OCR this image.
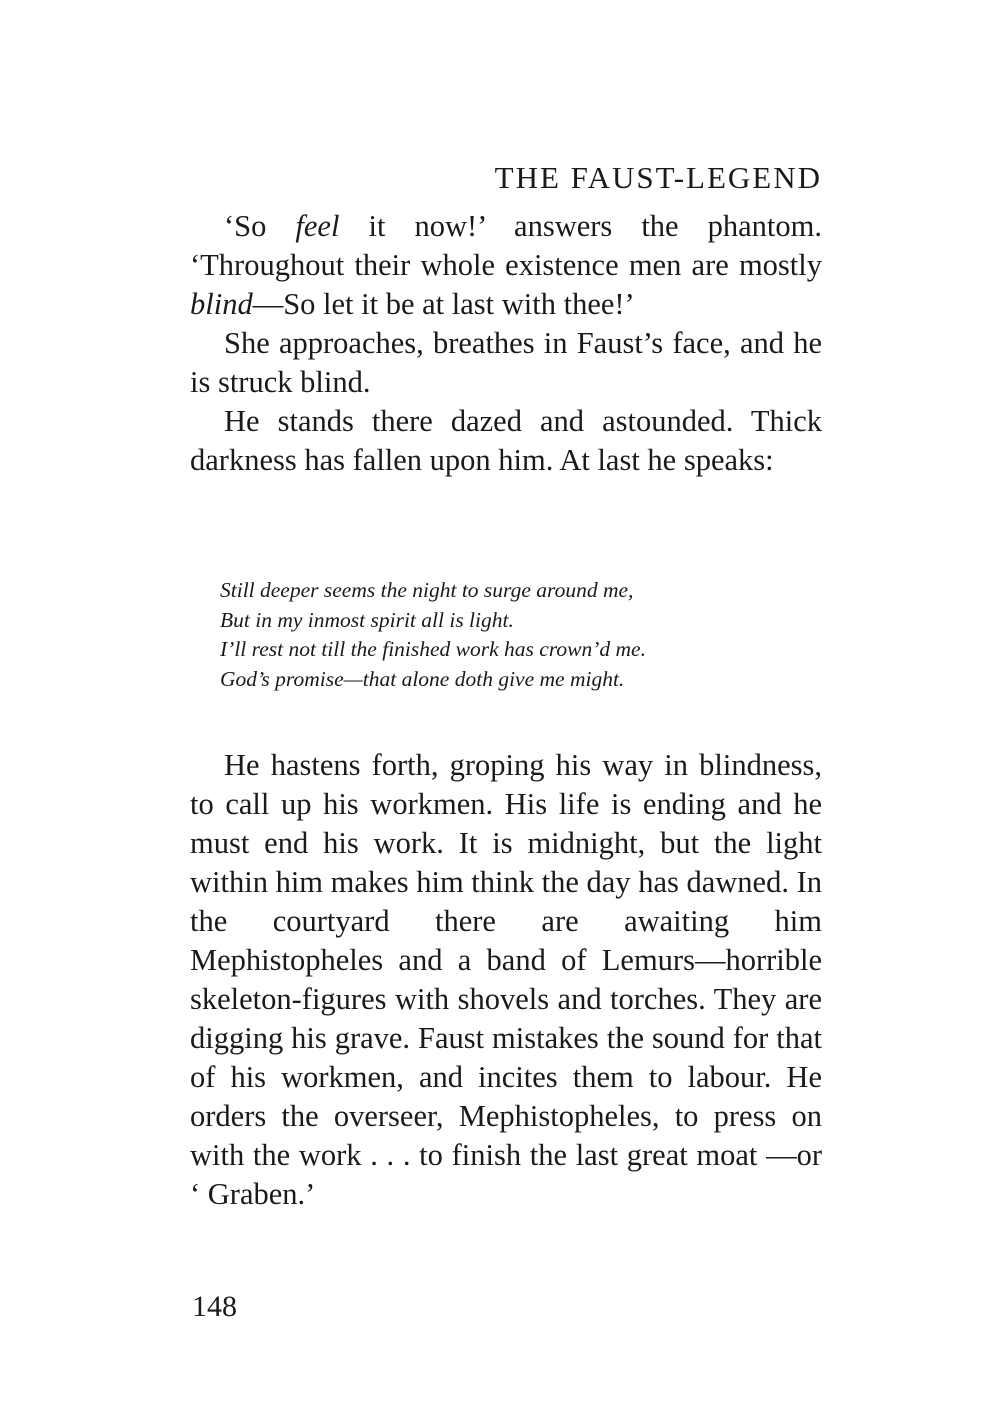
THE FAUST-LEGEND

‘So feel it now!’ answers the phantom. ‘Throughout their whole existence men are mostly blind—So let it be at last with thee!’

She approaches, breathes in Faust’s face, and he is struck blind.

He stands there dazed and astounded. Thick darkness has fallen upon him. At last he speaks:

Still deeper seems the night to surge around me,
But in my inmost spirit all is light.
I’ll rest not till the finished work has crown’d me.
God’s promise—that alone doth give me might.

He hastens forth, groping his way in blindness, to call up his workmen. His life is ending and he must end his work. It is midnight, but the light within him makes him think the day has dawned. In the courtyard there are awaiting him Mephistopheles and a band of Lemurs—horrible skeleton-figures with shovels and torches. They are digging his grave. Faust mistakes the sound for that of his workmen, and incites them to labour. He orders the overseer, Mephistopheles, to press on with the work . . . to finish the last great moat —or ‘ Graben.’

148
